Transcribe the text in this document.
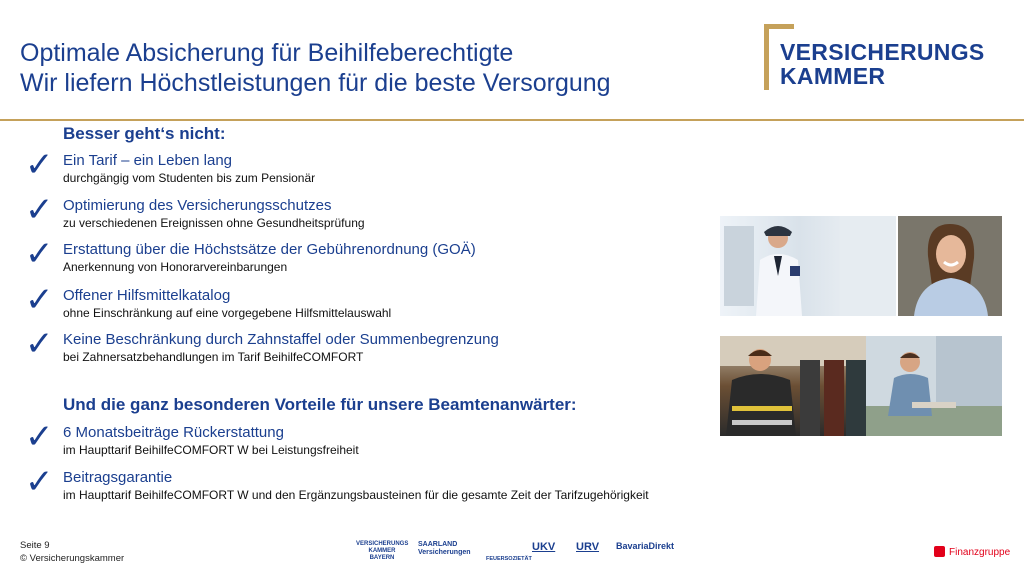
Optimale Absicherung für Beihilfeberechtigte
Wir liefern Höchstleistungen für die beste Versorgung
VERSICHERUNGS
KAMMER
Besser geht‘s nicht:
✓ Ein Tarif – ein Leben lang
durchgängig vom Studenten bis zum Pensionär
✓ Optimierung des Versicherungsschutzes
zu verschiedenen Ereignissen ohne Gesundheitsprüfung
✓ Erstattung über die Höchstsätze der Gebührenordnung (GOÄ)
Anerkennung von Honorarvereinbarungen
✓ Offener Hilfsmittelkatalog
ohne Einschränkung auf eine vorgegebene Hilfsmittelauswahl
✓ Keine Beschränkung durch Zahnstaffel oder Summenbegrenzung
bei Zahnersatzbehandlungen im Tarif BeihilfeCOMFORT
Und die ganz besonderen Vorteile für unsere Beamtenanwärter:
✓ 6 Monatsbeiträge Rückerstattung
im Haupttarif BeihilfeCOMFORT W bei Leistungsfreiheit
✓ Beitragsgarantie
im Haupttarif BeihilfeCOMFORT W und den Ergänzungsbausteinen für die gesamte Zeit der Tarifzugehörigkeit
Seite 9
© Versicherungskammer
VERSICHERUNGS KAMMER BAYERN
SAARLAND Versicherungen
FEUERSOZIETÄT
UKV URV BavariaDirekt
Finanzgruppe
